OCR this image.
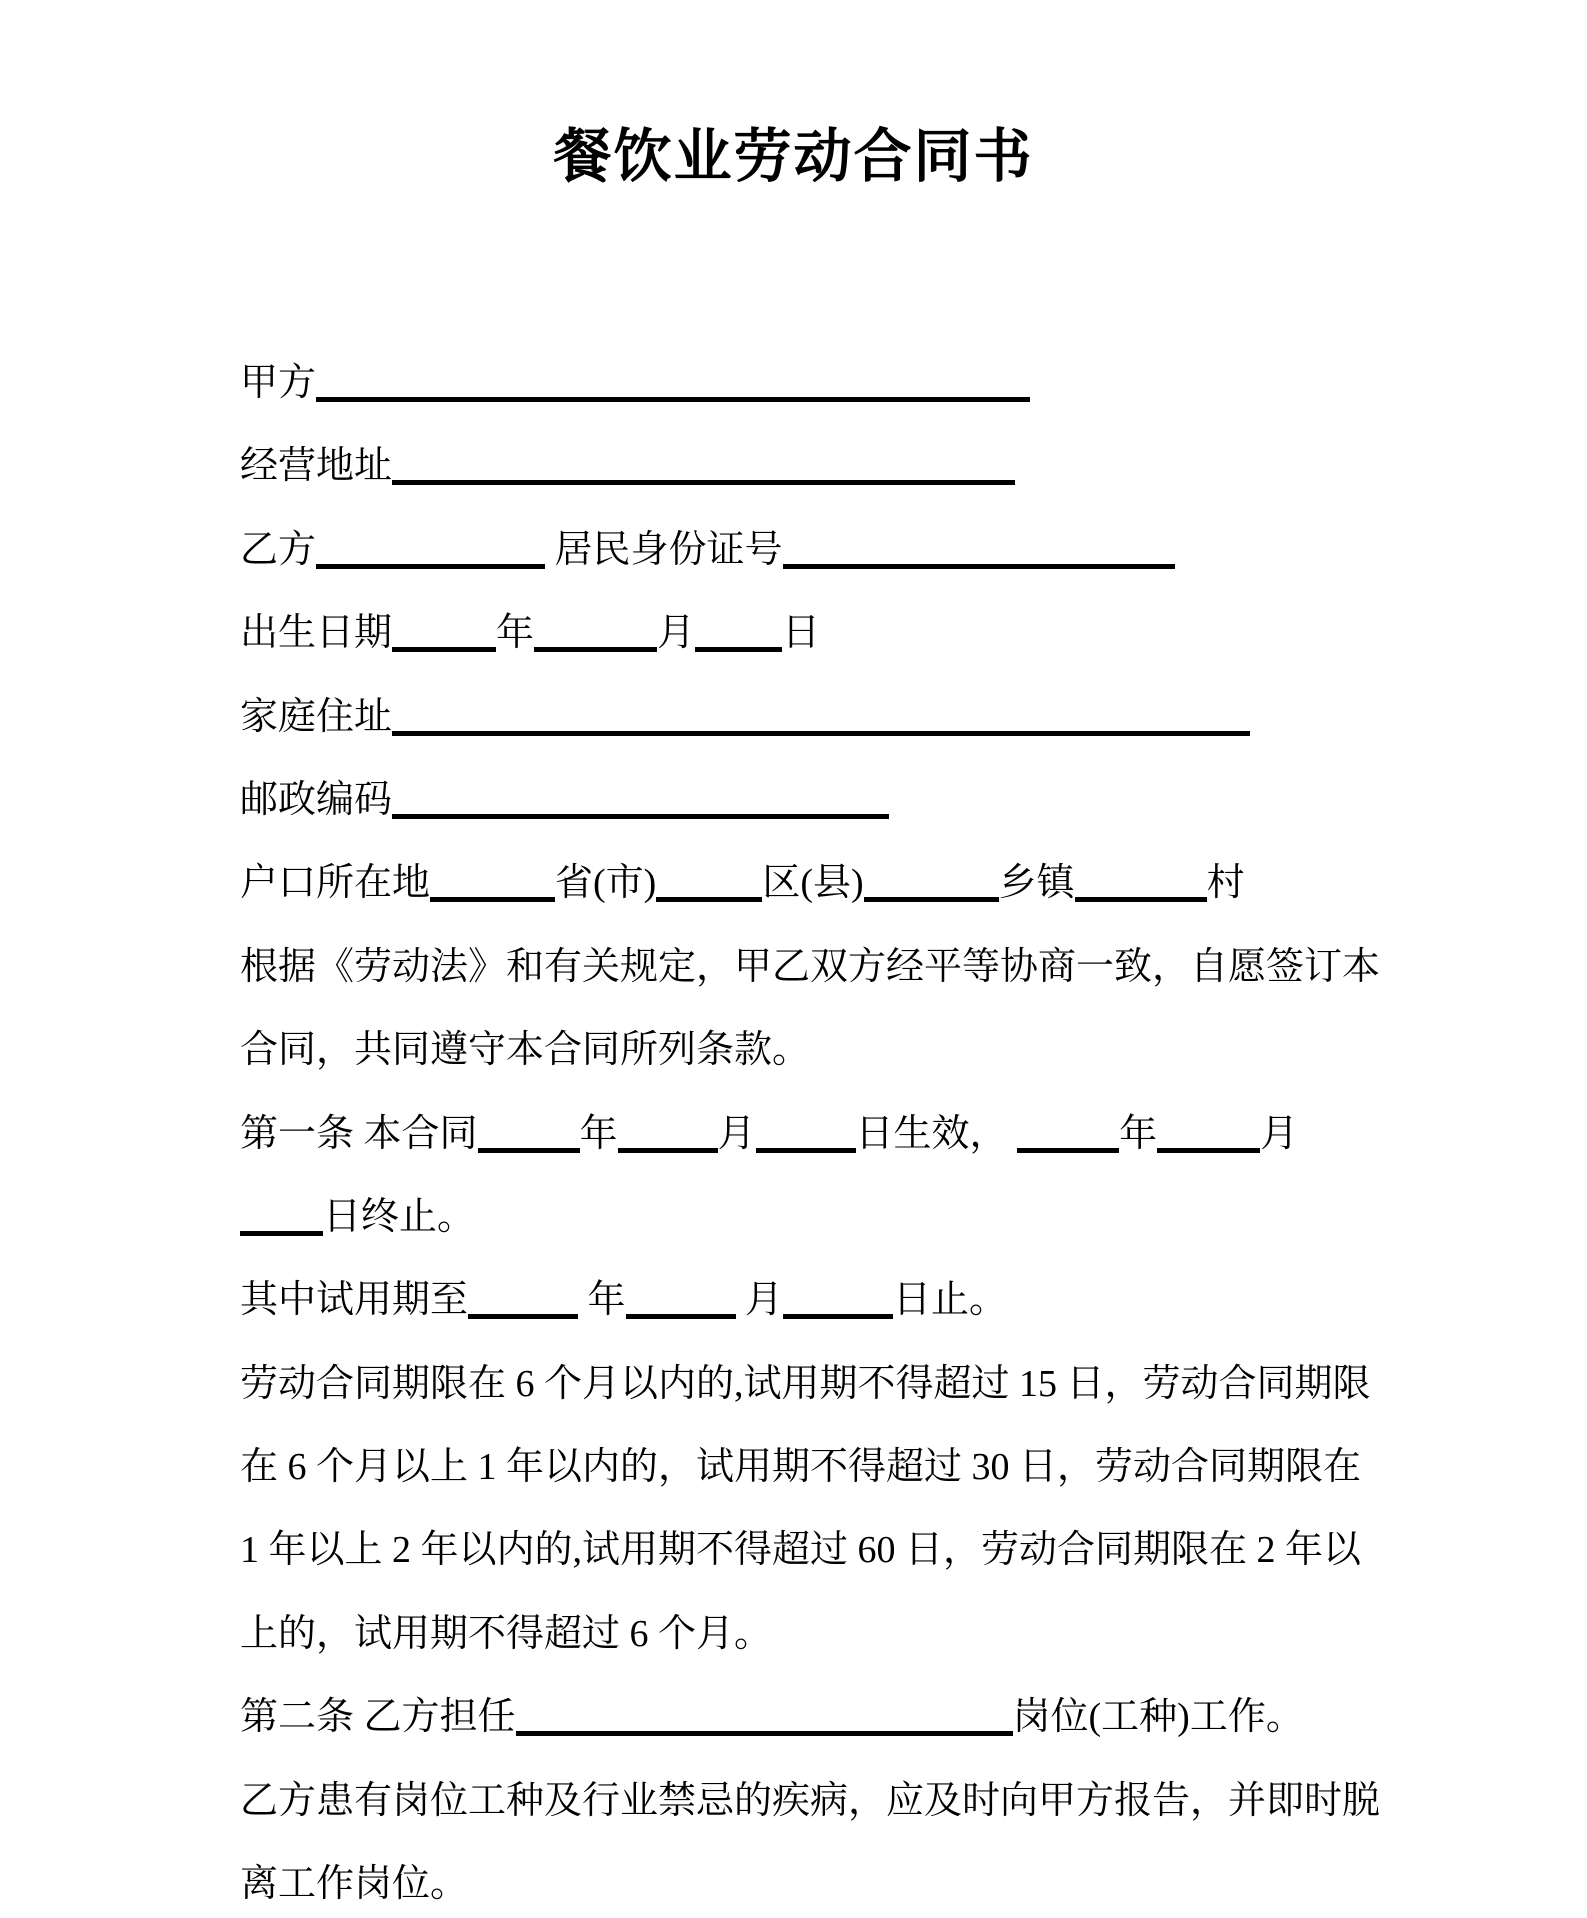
餐饮业劳动合同书
甲方
经营地址
乙方	居民身份证号
出生日期	年	月 日
家庭住址
邮政编码
户口所在地	省(市)	区(县)	乡镇	村
根据《劳动法》和有关规定，甲乙双方经平等协商一致，自愿签订本
合同，共同遵守本合同所列条款。
第一条 本合同	年	月	日生效，	年	月
日终止。
其中试用期至	年	月	日止。
劳动合同期限在 6 个月以内的,试用期不得超过 15 日，劳动合同期限
在 6 个月以上 1 年以内的，试用期不得超过 30 日，劳动合同期限在
1 年以上 2 年以内的,试用期不得超过 60 日，劳动合同期限在 2 年以
上的，试用期不得超过 6 个月。
第二条 乙方担任	岗位(工种)工作。
乙方患有岗位工种及行业禁忌的疾病，应及时向甲方报告，并即时脱
离工作岗位。
